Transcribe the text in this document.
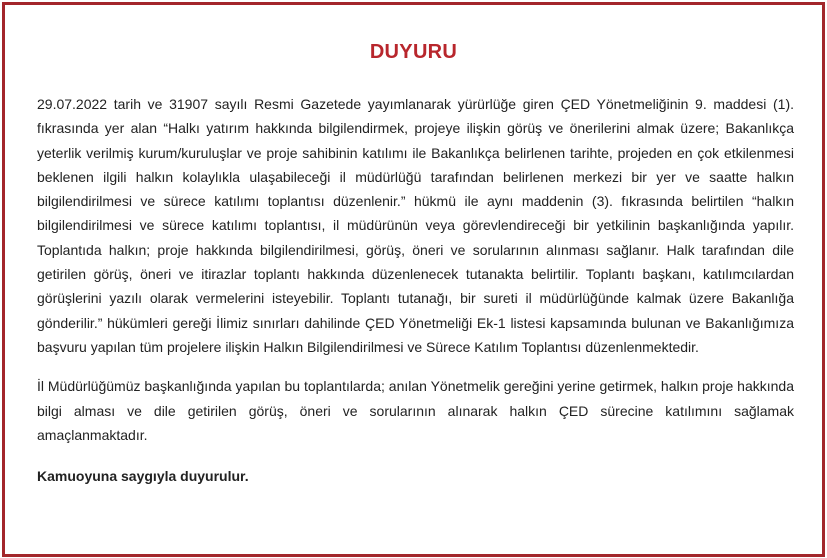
DUYURU

29.07.2022 tarih ve 31907 sayılı Resmi Gazetede yayımlanarak yürürlüğe giren ÇED Yönetmeliğinin 9. maddesi (1). fıkrasında yer alan “Halkı yatırım hakkında bilgilendirmek, projeye ilişkin görüş ve önerilerini almak üzere; Bakanlıkça yeterlik verilmiş kurum/kuruluşlar ve proje sahibinin katılımı ile Bakanlıkça belirlenen tarihte, projeden en çok etkilenmesi beklenen ilgili halkın kolaylıkla ulaşabileceği il müdürlüğü tarafından belirlenen merkezi bir yer ve saatte halkın bilgilendirilmesi ve sürece katılımı toplantısı düzenlenir.” hükmü ile aynı maddenin (3). fıkrasında belirtilen “halkın bilgilendirilmesi ve sürece katılımı toplantısı, il müdürünün veya görevlendireceği bir yetkilinin başkanlığında yapılır. Toplantıda halkın; proje hakkında bilgilendirilmesi, görüş, öneri ve sorularının alınması sağlanır. Halk tarafından dile getirilen görüş, öneri ve itirazlar toplantı hakkında düzenlenecek tutanakta belirtilir. Toplantı başkanı, katılımcılardan görüşlerini yazılı olarak vermelerini isteyebilir. Toplantı tutanağı, bir sureti il müdürlüğünde kalmak üzere Bakanlığa gönderilir.” hükümleri gereği İlimiz sınırları dahilinde ÇED Yönetmeliği Ek-1 listesi kapsamında bulunan ve Bakanlığımıza başvuru yapılan tüm projelere ilişkin Halkın Bilgilendirilmesi ve Sürece Katılım Toplantısı düzenlenmektedir.

İl Müdürlüğümüz başkanlığında yapılan bu toplantılarda; anılan Yönetmelik gereğini yerine getirmek, halkın proje hakkında bilgi alması ve dile getirilen görüş, öneri ve sorularının alınarak halkın ÇED sürecine katılımını sağlamak amaçlanmaktadır.

Kamuoyuna saygıyla duyurulur.
